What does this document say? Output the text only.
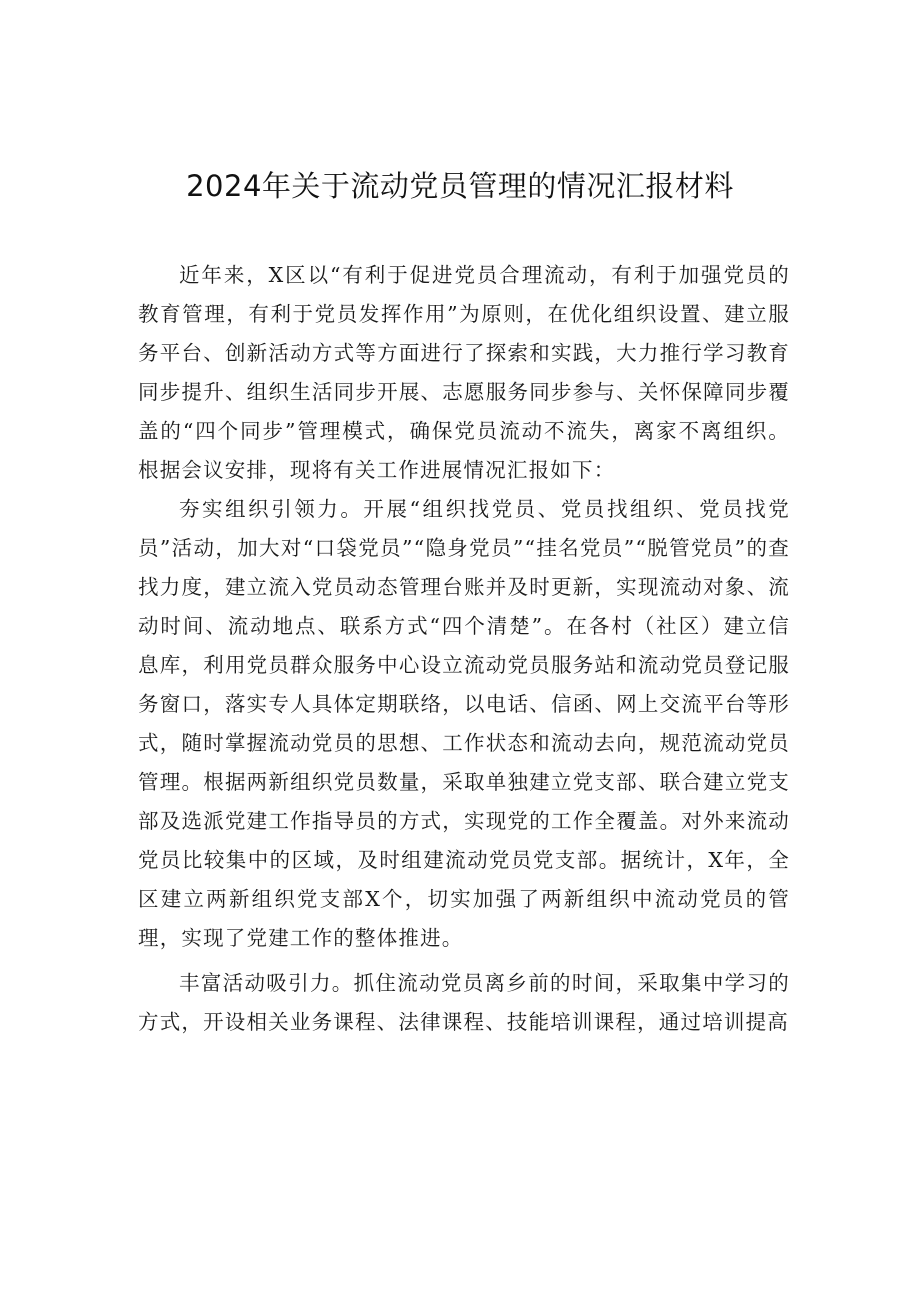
2024年关于流动党员管理的情况汇报材料

近年来，X区以“有利于促进党员合理流动，有利于加强党员的教育管理，有利于党员发挥作用”为原则，在优化组织设置、建立服务平台、创新活动方式等方面进行了探索和实践，大力推行学习教育同步提升、组织生活同步开展、志愿服务同步参与、关怀保障同步覆盖的“四个同步”管理模式，确保党员流动不流失，离家不离组织。根据会议安排，现将有关工作进展情况汇报如下：

夯实组织引领力。开展“组织找党员、党员找组织、党员找党员”活动，加大对“口袋党员”“隐身党员”“挂名党员”“脱管党员”的查找力度，建立流入党员动态管理台账并及时更新，实现流动对象、流动时间、流动地点、联系方式“四个清楚”。在各村（社区）建立信息库，利用党员群众服务中心设立流动党员服务站和流动党员登记服务窗口，落实专人具体定期联络，以电话、信函、网上交流平台等形式，随时掌握流动党员的思想、工作状态和流动去向，规范流动党员管理。根据两新组织党员数量，采取单独建立党支部、联合建立党支部及选派党建工作指导员的方式，实现党的工作全覆盖。对外来流动党员比较集中的区域，及时组建流动党员党支部。据统计，X年，全区建立两新组织党支部X个，切实加强了两新组织中流动党员的管理，实现了党建工作的整体推进。

丰富活动吸引力。抓住流动党员离乡前的时间，采取集中学习的方式，开设相关业务课程、法律课程、技能培训课程，通过培训提高
